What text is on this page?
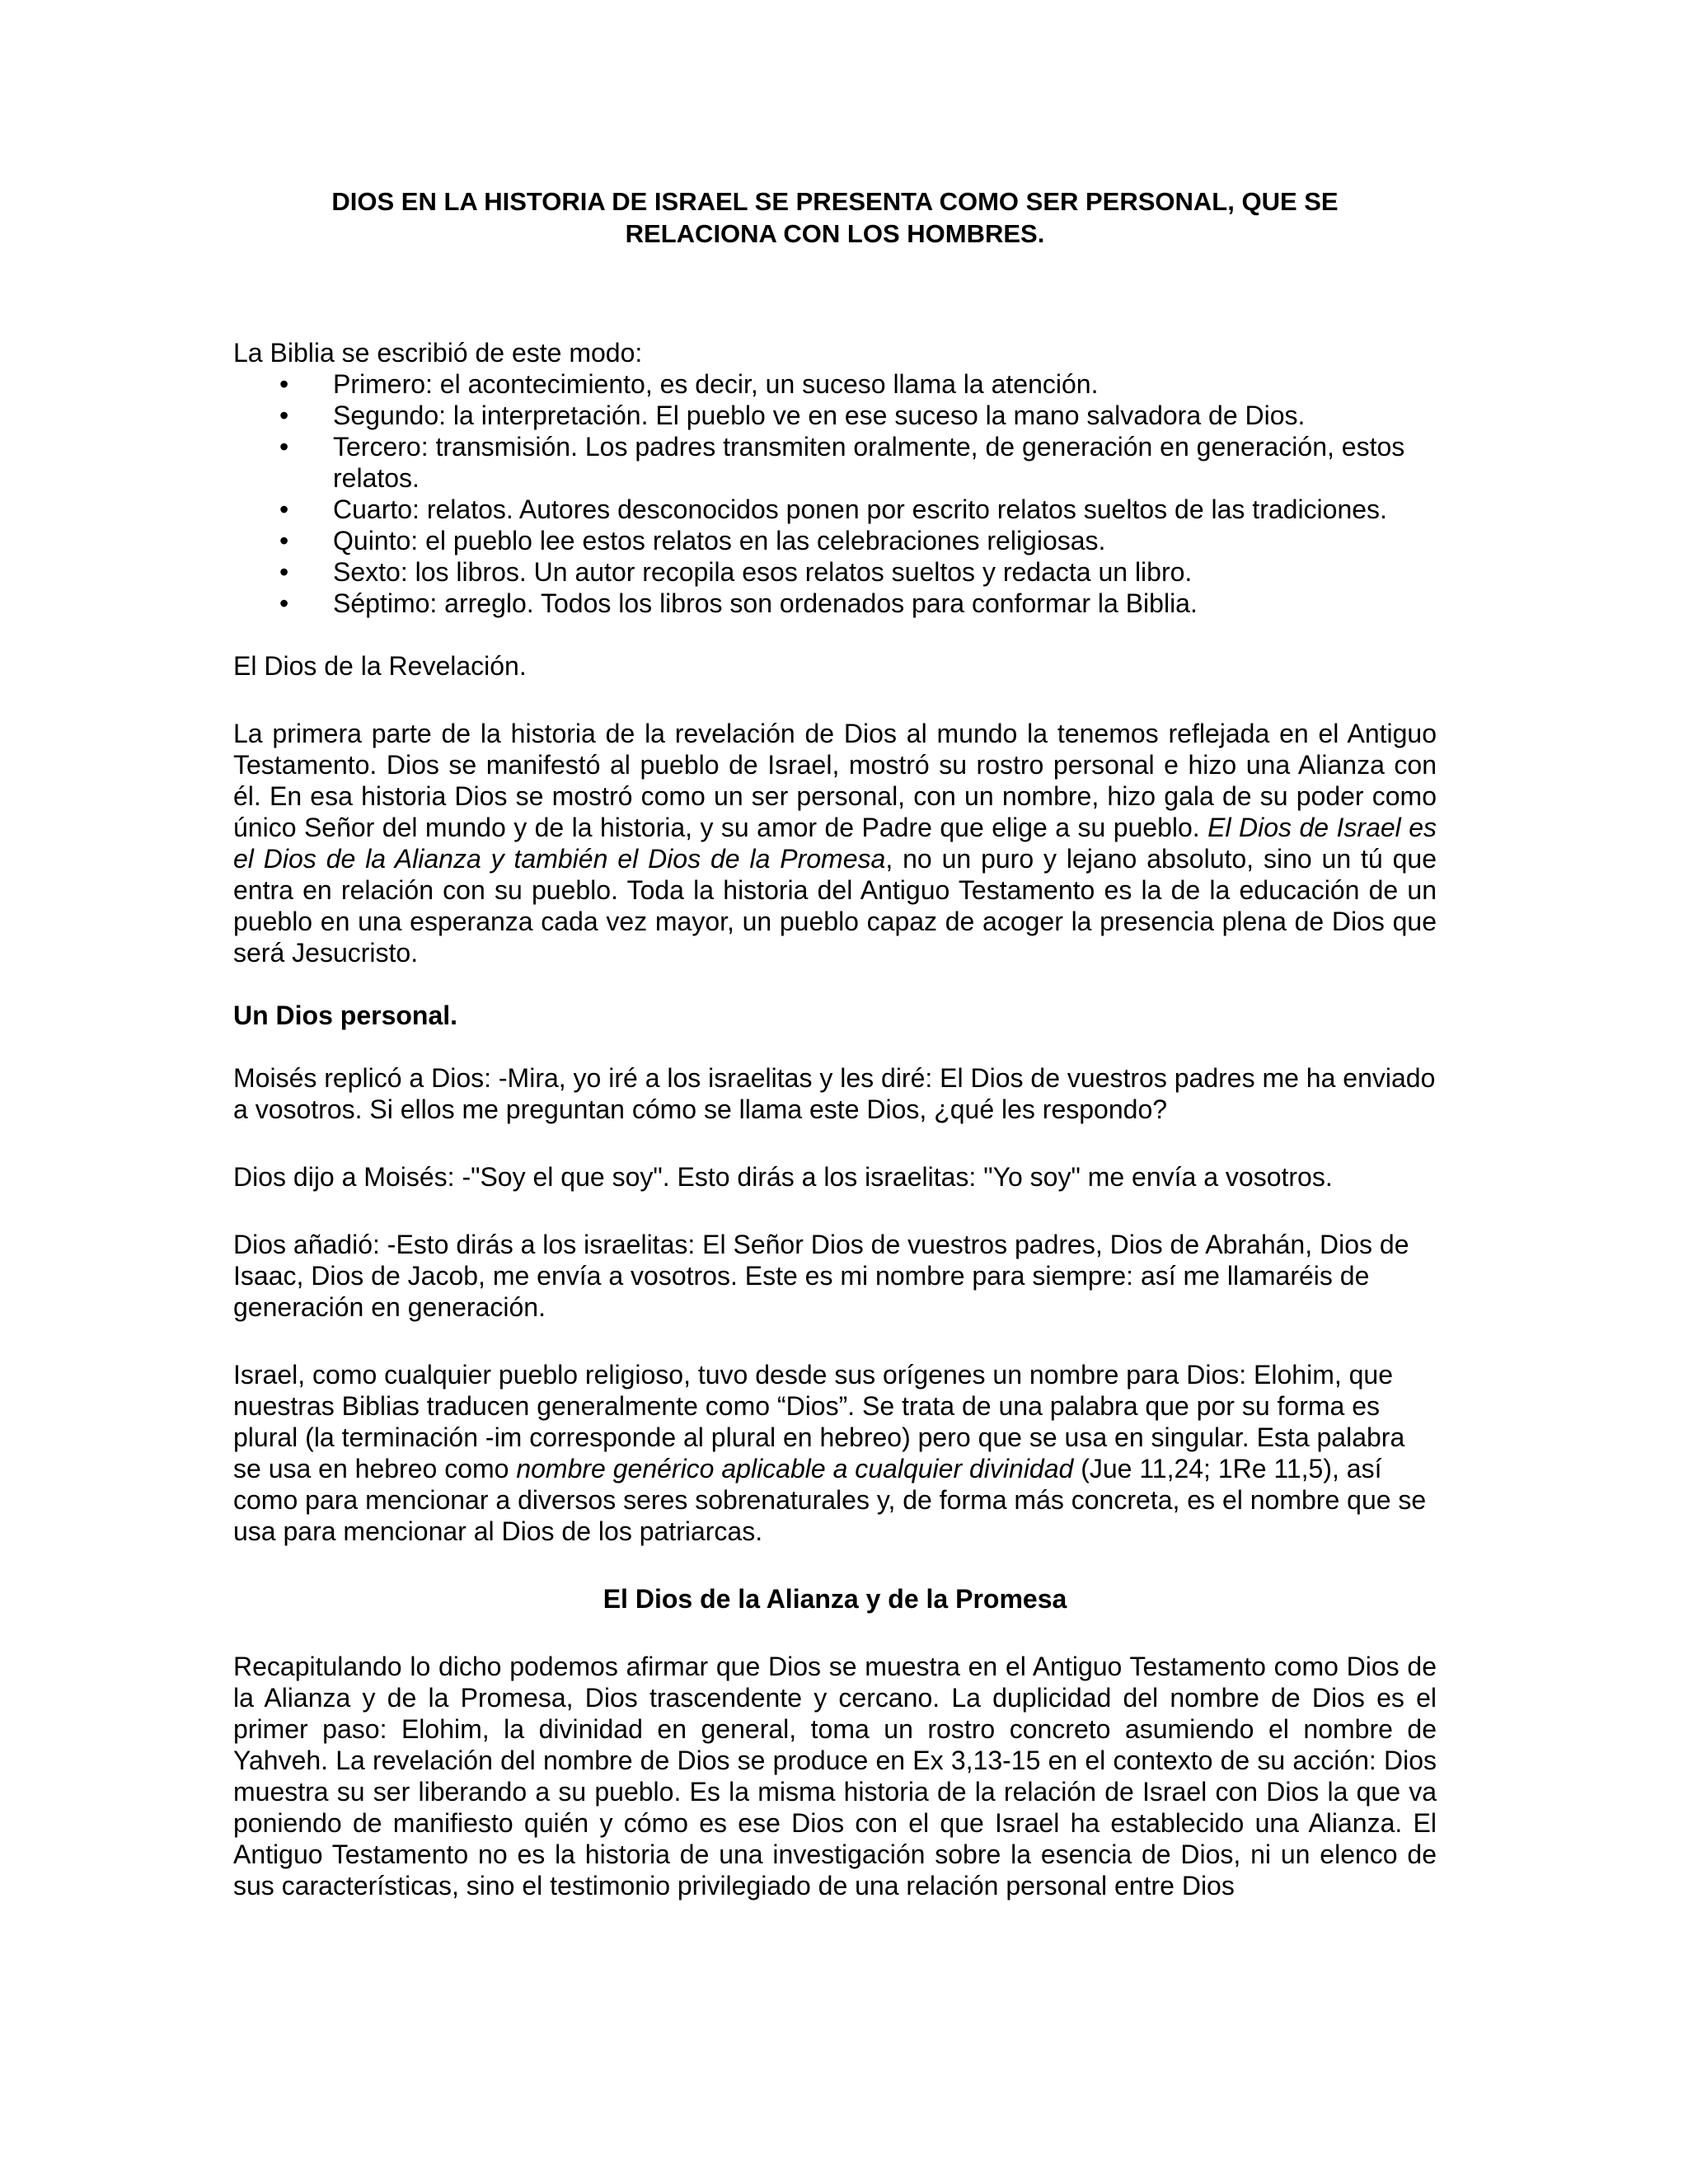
DIOS EN LA HISTORIA DE ISRAEL SE PRESENTA COMO SER PERSONAL, QUE SE
RELACIONA CON LOS HOMBRES.

La Biblia se escribió de este modo:

• Primero: el acontecimiento, es decir, un suceso llama la atención.
• Segundo: la interpretación. El pueblo ve en ese suceso la mano salvadora de Dios.
• Tercero: transmisión. Los padres transmiten oralmente, de generación en generación, estos relatos.
• Cuarto: relatos. Autores desconocidos ponen por escrito relatos sueltos de las tradiciones.
• Quinto: el pueblo lee estos relatos en las celebraciones religiosas.
• Sexto: los libros. Un autor recopila esos relatos sueltos y redacta un libro.
• Séptimo: arreglo. Todos los libros son ordenados para conformar la Biblia.

El Dios de la Revelación.

La primera parte de la historia de la revelación de Dios al mundo la tenemos reflejada en el Antiguo Testamento. Dios se manifestó al pueblo de Israel, mostró su rostro personal e hizo una Alianza con él. En esa historia Dios se mostró como un ser personal, con un nombre, hizo gala de su poder como único Señor del mundo y de la historia, y su amor de Padre que elige a su pueblo. El Dios de Israel es el Dios de la Alianza y también el Dios de la Promesa, no un puro y lejano absoluto, sino un tú que entra en relación con su pueblo. Toda la historia del Antiguo Testamento es la de la educación de un pueblo en una esperanza cada vez mayor, un pueblo capaz de acoger la presencia plena de Dios que será Jesucristo.

Un Dios personal.

Moisés replicó a Dios: -Mira, yo iré a los israelitas y les diré: El Dios de vuestros padres me ha enviado a vosotros. Si ellos me preguntan cómo se llama este Dios, ¿qué les respondo?

Dios dijo a Moisés: -"Soy el que soy". Esto dirás a los israelitas: "Yo soy" me envía a vosotros.

Dios añadió: -Esto dirás a los israelitas: El Señor Dios de vuestros padres, Dios de Abrahán, Dios de Isaac, Dios de Jacob, me envía a vosotros. Este es mi nombre para siempre: así me llamaréis de generación en generación.

Israel, como cualquier pueblo religioso, tuvo desde sus orígenes un nombre para Dios: Elohim, que nuestras Biblias traducen generalmente como “Dios”. Se trata de una palabra que por su forma es plural (la terminación -im corresponde al plural en hebreo) pero que se usa en singular. Esta palabra se usa en hebreo como nombre genérico aplicable a cualquier divinidad (Jue 11,24; 1Re 11,5), así como para mencionar a diversos seres sobrenaturales y, de forma más concreta, es el nombre que se usa para mencionar al Dios de los patriarcas.

El Dios de la Alianza y de la Promesa

Recapitulando lo dicho podemos afirmar que Dios se muestra en el Antiguo Testamento como Dios de la Alianza y de la Promesa, Dios trascendente y cercano. La duplicidad del nombre de Dios es el primer paso: Elohim, la divinidad en general, toma un rostro concreto asumiendo el nombre de Yahveh. La revelación del nombre de Dios se produce en Ex 3,13-15 en el contexto de su acción: Dios muestra su ser liberando a su pueblo. Es la misma historia de la relación de Israel con Dios la que va poniendo de manifiesto quién y cómo es ese Dios con el que Israel ha establecido una Alianza. El Antiguo Testamento no es la historia de una investigación sobre la esencia de Dios, ni un elenco de sus características, sino el testimonio privilegiado de una relación personal entre Dios
